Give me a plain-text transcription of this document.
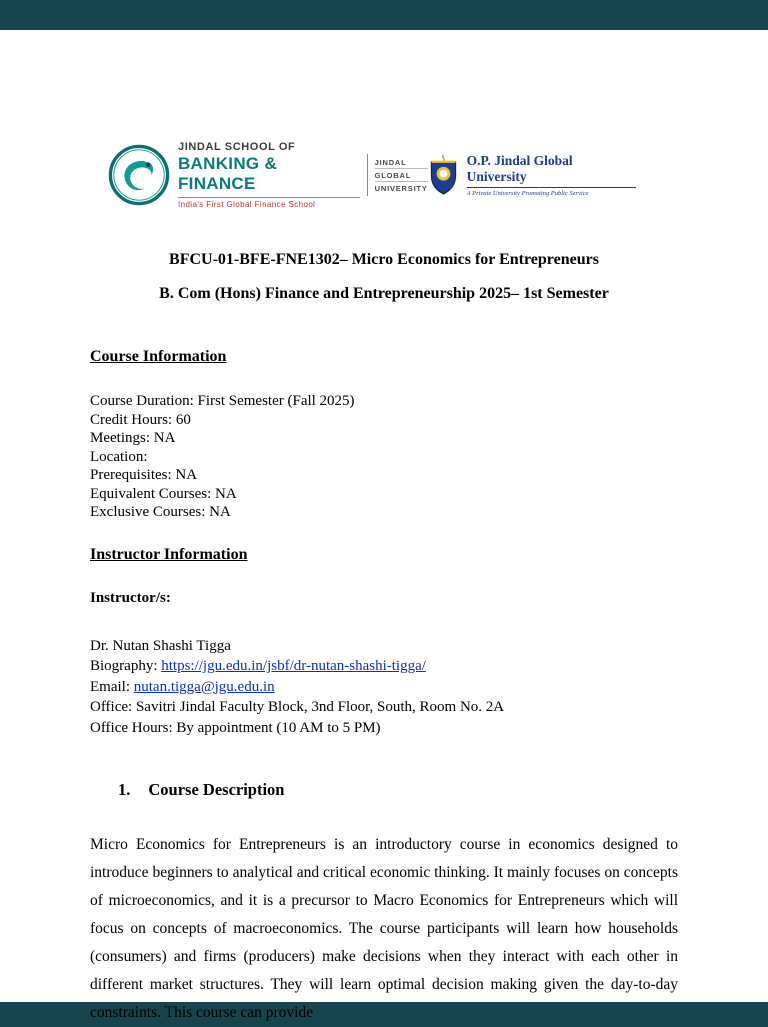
JINDAL SCHOOL OF
BANKING & FINANCE
India's First Global Finance School
JINDAL
GLOBAL
UNIVERSITY
O.P. Jindal Global University
A Private University Promoting Public Service
BFCU-01-BFE-FNE1302– Micro Economics for Entrepreneurs
B. Com (Hons) Finance and Entrepreneurship 2025– 1st Semester
Course Information
Course Duration: First Semester (Fall 2025)
Credit Hours: 60
Meetings: NA
Location:
Prerequisites: NA
Equivalent Courses: NA
Exclusive Courses: NA
Instructor Information
Instructor/s:
Dr. Nutan Shashi Tigga
Biography: https://jgu.edu.in/jsbf/dr-nutan-shashi-tigga/
Email: nutan.tigga@jgu.edu.in
Office: Savitri Jindal Faculty Block, 3nd Floor, South, Room No. 2A
Office Hours: By appointment (10 AM to 5 PM)
1. Course Description

Micro Economics for Entrepreneurs is an introductory course in economics designed to introduce beginners to analytical and critical economic thinking. It mainly focuses on concepts of microeconomics, and it is a precursor to Macro Economics for Entrepreneurs which will focus on concepts of macroeconomics. The course participants will learn how households (consumers) and firms (producers) make decisions when they interact with each other in different market structures. They will learn optimal decision making given the day-to-day constraints. This course can provide
